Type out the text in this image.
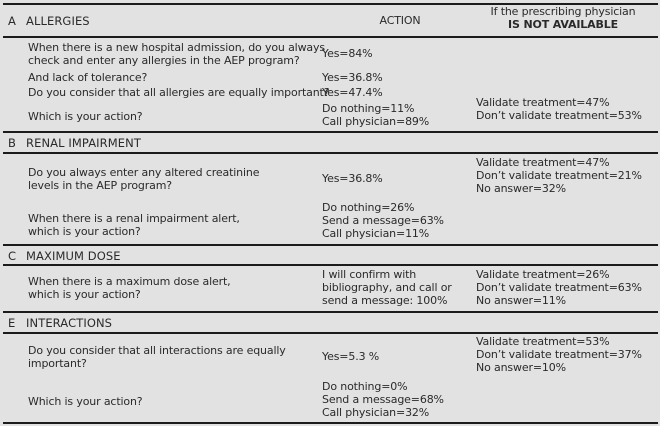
A ALLERGIES	ACTION
If the prescribing physician
IS NOT AVAILABLE
When there is a new hospital admission, do you always
check and enter any allergies in the AEP program?
Yes=84%
And lack of tolerance?	Yes=36.8%
Do you consider that all allergies are equally important?
Yes=47.4%
Which is your action?
Do nothing=11%
Call physician=89%
Validate treatment=47%
Don’t validate treatment=53%
B RENAL IMPAIRMENT
Do you always enter any altered creatinine
levels in the AEP program?
Yes=36.8%
Validate treatment=47%
Don’t validate treatment=21%
No answer=32%
When there is a renal impairment alert,
which is your action?
Do nothing=26%
Send a message=63%
Call physician=11%
C MAXIMUM DOSE
When there is a maximum dose alert,
which is your action?
I will confirm with
bibliography, and call or
send a message: 100%
Validate treatment=26%
Don’t validate treatment=63%
No answer=11%
E INTERACTIONS
Do you consider that all interactions are equally
important?
Yes=5.3 %
Validate treatment=53%
Don’t validate treatment=37%
No answer=10%
Which is your action?
Do nothing=0%
Send a message=68%
Call physician=32%
